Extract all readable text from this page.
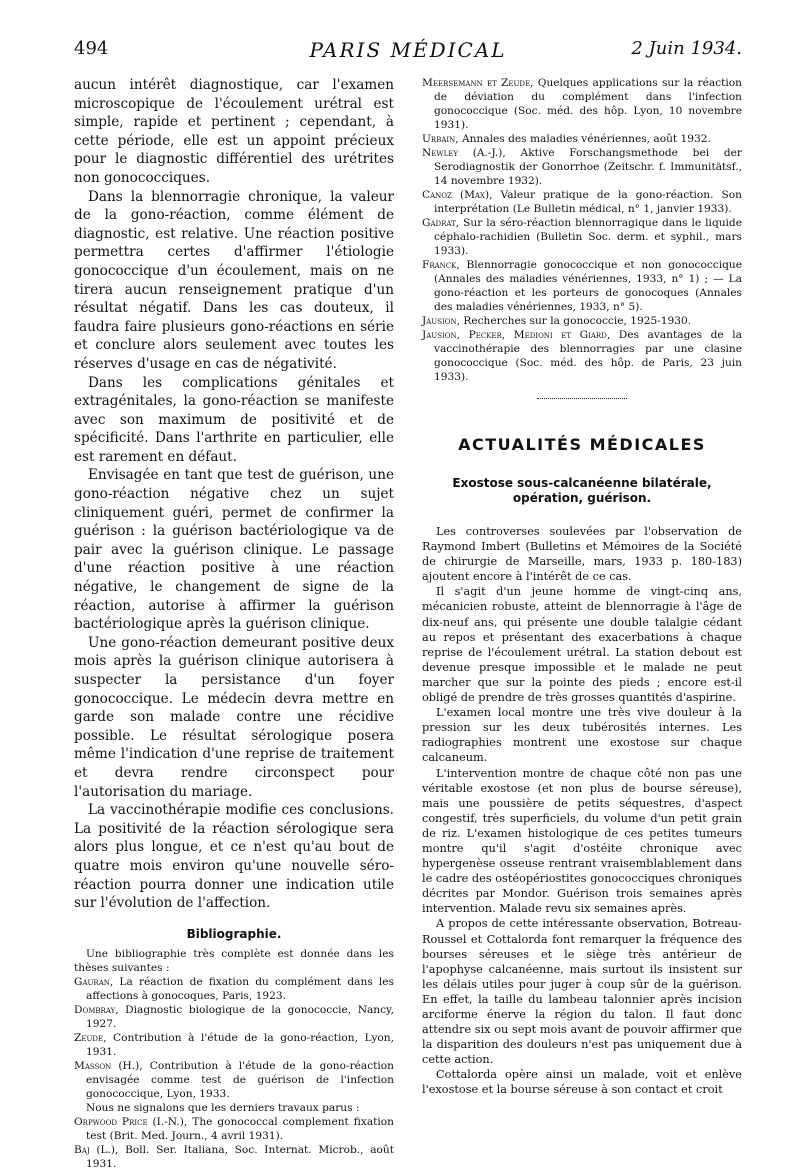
494	PARIS MÉDICAL	2 Juin 1934.

aucun intérêt diagnostique, car l'examen microscopique de l'écoulement urétral est simple, rapide et pertinent ; cependant, à cette période, elle est un appoint précieux pour le diagnostic différentiel des urétrites non gonococciques.

Dans la blennorragie chronique, la valeur de la gono-réaction, comme élément de diagnostic, est relative. Une réaction positive permettra certes d'affirmer l'étiologie gonococcique d'un écoulement, mais on ne tirera aucun renseignement pratique d'un résultat négatif. Dans les cas douteux, il faudra faire plusieurs gono-réactions en série et conclure alors seulement avec toutes les réserves d'usage en cas de négativité.

Dans les complications génitales et extragénitales, la gono-réaction se manifeste avec son maximum de positivité et de spécificité. Dans l'arthrite en particulier, elle est rarement en défaut.

Envisagée en tant que test de guérison, une gono-réaction négative chez un sujet cliniquement guéri, permet de confirmer la guérison : la guérison bactériologique va de pair avec la guérison clinique. Le passage d'une réaction positive à une réaction négative, le changement de signe de la réaction, autorise à affirmer la guérison bactériologique après la guérison clinique.

Une gono-réaction demeurant positive deux mois après la guérison clinique autorisera à suspecter la persistance d'un foyer gonococcique. Le médecin devra mettre en garde son malade contre une récidive possible. Le résultat sérologique posera même l'indication d'une reprise de traitement et devra rendre circonspect pour l'autorisation du mariage.

La vaccinothérapie modifie ces conclusions. La positivité de la réaction sérologique sera alors plus longue, et ce n'est qu'au bout de quatre mois environ qu'une nouvelle séro-réaction pourra donner une indication utile sur l'évolution de l'affection.

Bibliographie.

Une bibliographie très complète est donnée dans les thèses suivantes :

Gauran, La réaction de fixation du complément dans les affections à gonocoques, Paris, 1923.

Dombray, Diagnostic biologique de la gonococcie, Nancy, 1927.

Zeude, Contribution à l'étude de la gono-réaction, Lyon, 1931.

Masson (H.), Contribution à l'étude de la gono-réaction envisagée comme test de guérison de l'infection gonococcique, Lyon, 1933.

Nous ne signalons que les derniers travaux parus :

Orpwood Price (I.-N.), The gonococcal complement fixation test (Brit. Med. Journ., 4 avril 1931).

Baj (L.), Boll. Ser. Italiana, Soc. Internat. Microb., août 1931.

Meersemann et Zeude, Quelques applications sur la réaction de déviation du complément dans l'infection gonococcique (Soc. méd. des hôp. Lyon, 10 novembre 1931).

Urbain, Annales des maladies vénériennes, août 1932.

Newley (A.-J.), Aktive Forschangsmethode bei der Serodiagnostik der Gonorrhoe (Zeitschr. f. Immunitätsf., 14 novembre 1932).

Canoz (Max), Valeur pratique de la gono-réaction. Son interprétation (Le Bulletin médical, n° 1, janvier 1933).

Gadrat, Sur la séro-réaction blennorragique dans le liquide céphalo-rachidien (Bulletin Soc. derm. et syphil., mars 1933).

Franck, Blennorragie gonococcique et non gonococcique (Annales des maladies vénériennes, 1933, n° 1) ; — La gono-réaction et les porteurs de gonocoques (Annales des maladies vénériennes, 1933, n° 5).

Jausion, Recherches sur la gonococcie, 1925-1930.

Jausion, Pecker, Medioni et Giard, Des avantages de la vaccinothérapie des blennorragies par une clasine gonococcique (Soc. méd. des hôp. de Paris, 23 juin 1933).

ACTUALITÉS MÉDICALES
Exostose sous-calcanéenne bilatérale, opération, guérison.

Les controverses soulevées par l'observation de Raymond Imbert (Bulletins et Mémoires de la Société de chirurgie de Marseille, mars, 1933 p. 180-183) ajoutent encore à l'intérêt de ce cas.

Il s'agit d'un jeune homme de vingt-cinq ans, mécanicien robuste, atteint de blennorragie à l'âge de dix-neuf ans, qui présente une double talalgie cédant au repos et présentant des exacerbations à chaque reprise de l'écoulement urétral. La station debout est devenue presque impossible et le malade ne peut marcher que sur la pointe des pieds ; encore est-il obligé de prendre de très grosses quantités d'aspirine.

L'examen local montre une très vive douleur à la pression sur les deux tubérosités internes. Les radiographies montrent une exostose sur chaque calcaneum.

L'intervention montre de chaque côté non pas une véritable exostose (et non plus de bourse séreuse), mais une poussière de petits séquestres, d'aspect congestif, très superficiels, du volume d'un petit grain de riz. L'examen histologique de ces petites tumeurs montre qu'il s'agit d'ostéite chronique avec hypergenèse osseuse rentrant vraisemblablement dans le cadre des ostéopériostites gonococciques chroniques décrites par Mondor. Guérison trois semaines après intervention. Malade revu six semaines après.

A propos de cette intéressante observation, Botreau-Roussel et Cottalorda font remarquer la fréquence des bourses séreuses et le siège très antérieur de l'apophyse calcanéenne, mais surtout ils insistent sur les délais utiles pour juger à coup sûr de la guérison. En effet, la taille du lambeau talonnier après incision arciforme énerve la région du talon. Il faut donc attendre six ou sept mois avant de pouvoir affirmer que la disparition des douleurs n'est pas uniquement due à cette action.

Cottalorda opère ainsi un malade, voit et enlève l'exostose et la bourse séreuse à son contact et croit
